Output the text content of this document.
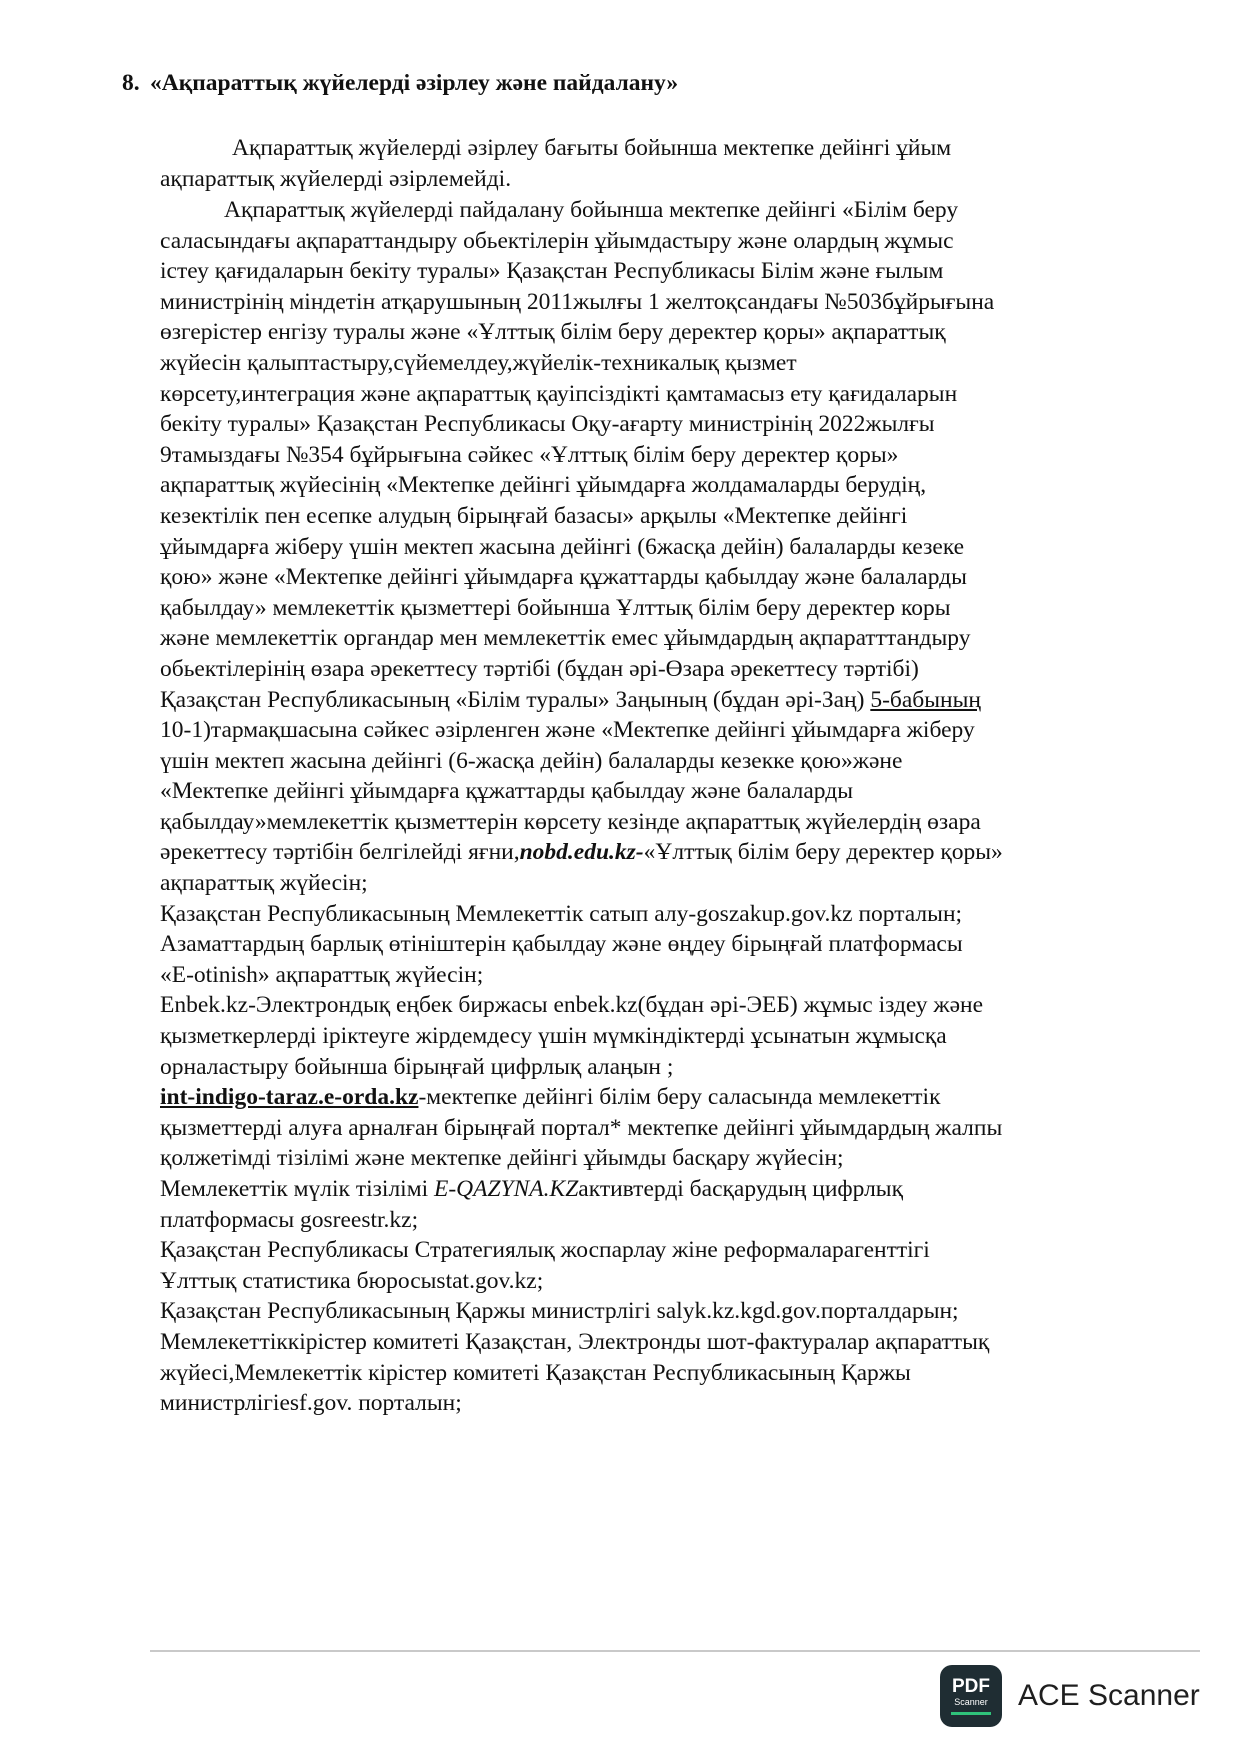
8. «Ақпараттық жүйелерді әзірлеу және пайдалану»
Ақпараттық жүйелерді әзірлеу бағыты бойынша мектепке дейінгі ұйым
ақпараттық жүйелерді әзірлемейді.
Ақпараттық жүйелерді пайдалану бойынша мектепке дейінгі «Білім беру
саласындағы ақпараттандыру обьектілерін ұйымдастыру және олардың жұмыс
істеу қағидаларын бекіту туралы» Қазақстан Республикасы Білім және ғылым
министрінің міндетін атқарушының 2011жылғы 1 желтоқсандағы №503бұйрығына
өзгерістер енгізу туралы және «Ұлттық білім беру деректер қоры» ақпараттық
жүйесін қалыптастыру,сүйемелдеу,жүйелік-техникалық қызмет
көрсету,интеграция және ақпараттық қауіпсіздікті қамтамасыз ету қағидаларын
бекіту туралы» Қазақстан Республикасы Оқу-ағарту министрінің 2022жылғы
9тамыздағы №354 бұйрығына сәйкес «Ұлттық білім беру деректер қоры»
ақпараттық жүйесінің «Мектепке дейінгі ұйымдарға жолдамаларды берудің,
кезектілік пен есепке алудың бірыңғай базасы» арқылы «Мектепке дейінгі
ұйымдарға жіберу үшін мектеп жасына дейінгі (6жасқа дейін) балаларды кезеке
қою» және «Мектепке дейінгі ұйымдарға құжаттарды қабылдау және балаларды
қабылдау» мемлекеттік қызметтері бойынша Ұлттық білім беру деректер коры
және мемлекеттік органдар мен мемлекеттік емес ұйымдардың ақпаратттандыру
обьектілерінің өзара әрекеттесу тәртібі (бұдан әрі-Өзара әрекеттесу тәртібі)
Қазақстан Республикасының «Білім туралы» Заңының (бұдан әрі-Заң) 5-бабының
10-1)тармақшасына сәйкес әзірленген және «Мектепке дейінгі ұйымдарға жіберу
үшін мектеп жасына дейінгі (6-жасқа дейін) балаларды кезекке қою»және
«Мектепке дейінгі ұйымдарға құжаттарды қабылдау және балаларды
қабылдау»мемлекеттік қызметтерін көрсету кезінде ақпараттық жүйелердің өзара
әрекеттесу тәртібін белгілейді яғни,nobd.edu.kz-«Ұлттық білім беру деректер қоры»
ақпараттық жүйесін;
Қазақстан Республикасының Мемлекеттік сатып алу-goszakup.gov.kz порталын;
Азаматтардың барлық өтініштерін қабылдау және өңдеу бірыңғай платформасы
«E-otinish» ақпараттық жүйесін;
Enbek.kz-Электрондық еңбек биржасы enbek.kz(бұдан әрі-ЭЕБ) жұмыс іздеу және
қызметкерлерді іріктеуге жірдемдесу үшін мүмкіндіктерді ұсынатын жұмысқа
орналастыру бойынша бірыңғай цифрлық алаңын ;
int-indigo-taraz.e-orda.kz-мектепке дейінгі білім беру саласында мемлекеттік
қызметтерді алуға арналған бірыңғай портал* мектепке дейінгі ұйымдардың жалпы
қолжетімді тізілімі және мектепке дейінгі ұйымды басқару жүйесін;
Мемлекеттік мүлік тізілімі E-QAZYNA.KZактивтерді басқарудың цифрлық
платформасы gosreestr.kz;
Қазақстан Республикасы Стратегиялық жоспарлау жіне реформаларагенттігі
Ұлттық статистика бюросыstat.gov.kz;
Қазақстан Республикасының Қаржы министрлігі salyk.kz.kgd.gov.порталдарын;
Мемлекеттіккірістер комитеті Қазақстан, Электронды шот-фактуралар ақпараттық
жүйесі,Мемлекеттік кірістер комитеті Қазақстан Республикасының Қаржы
министрлігіesf.gov. порталын;
PDF
Scanner ACE Scanner
